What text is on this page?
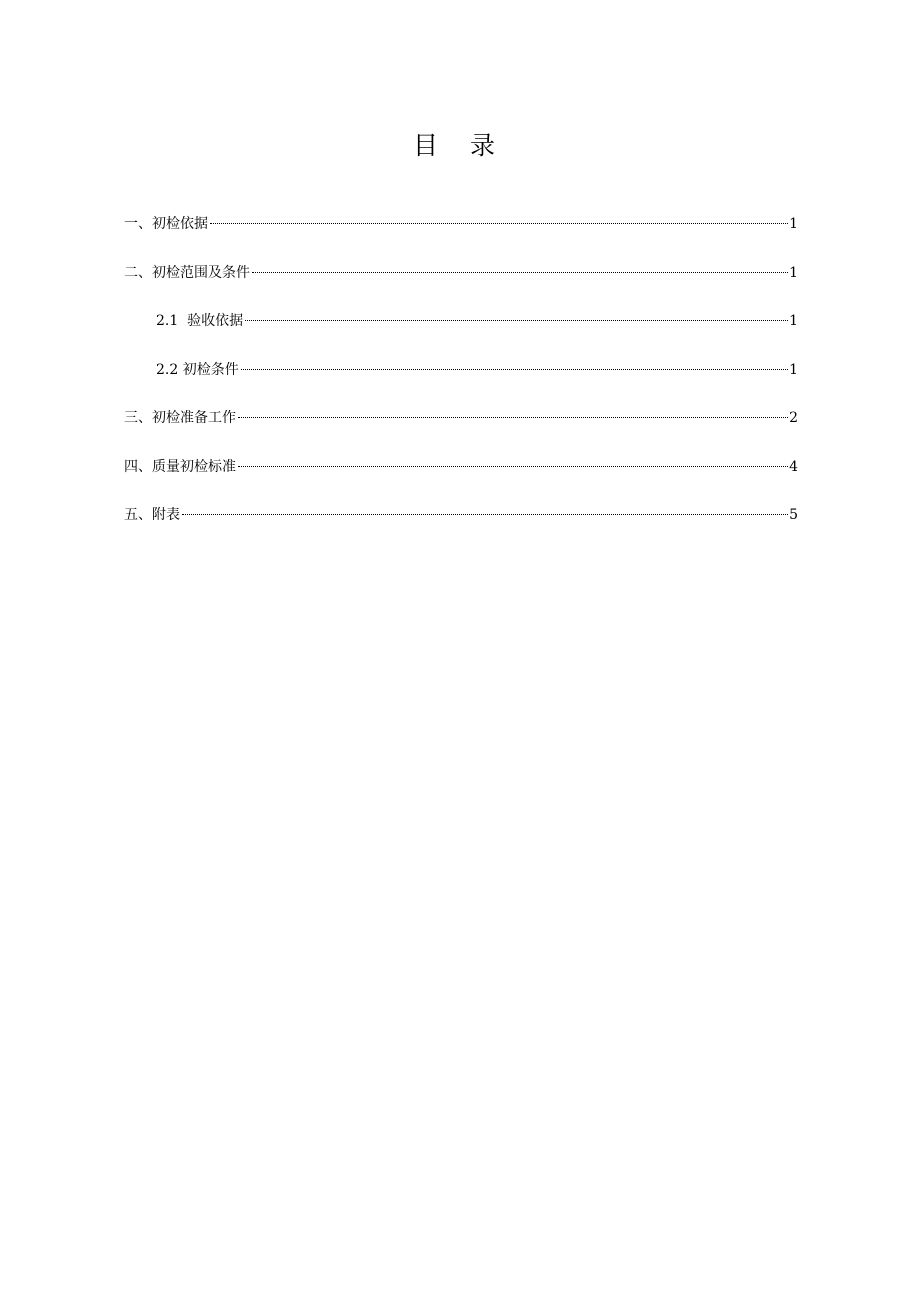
目 录
一、初检依据	1
二、初检范围及条件	1
2.1  验收依据	1
2.2 初检条件	1
三、初检准备工作	2
四、质量初检标准	4
五、附表	5
